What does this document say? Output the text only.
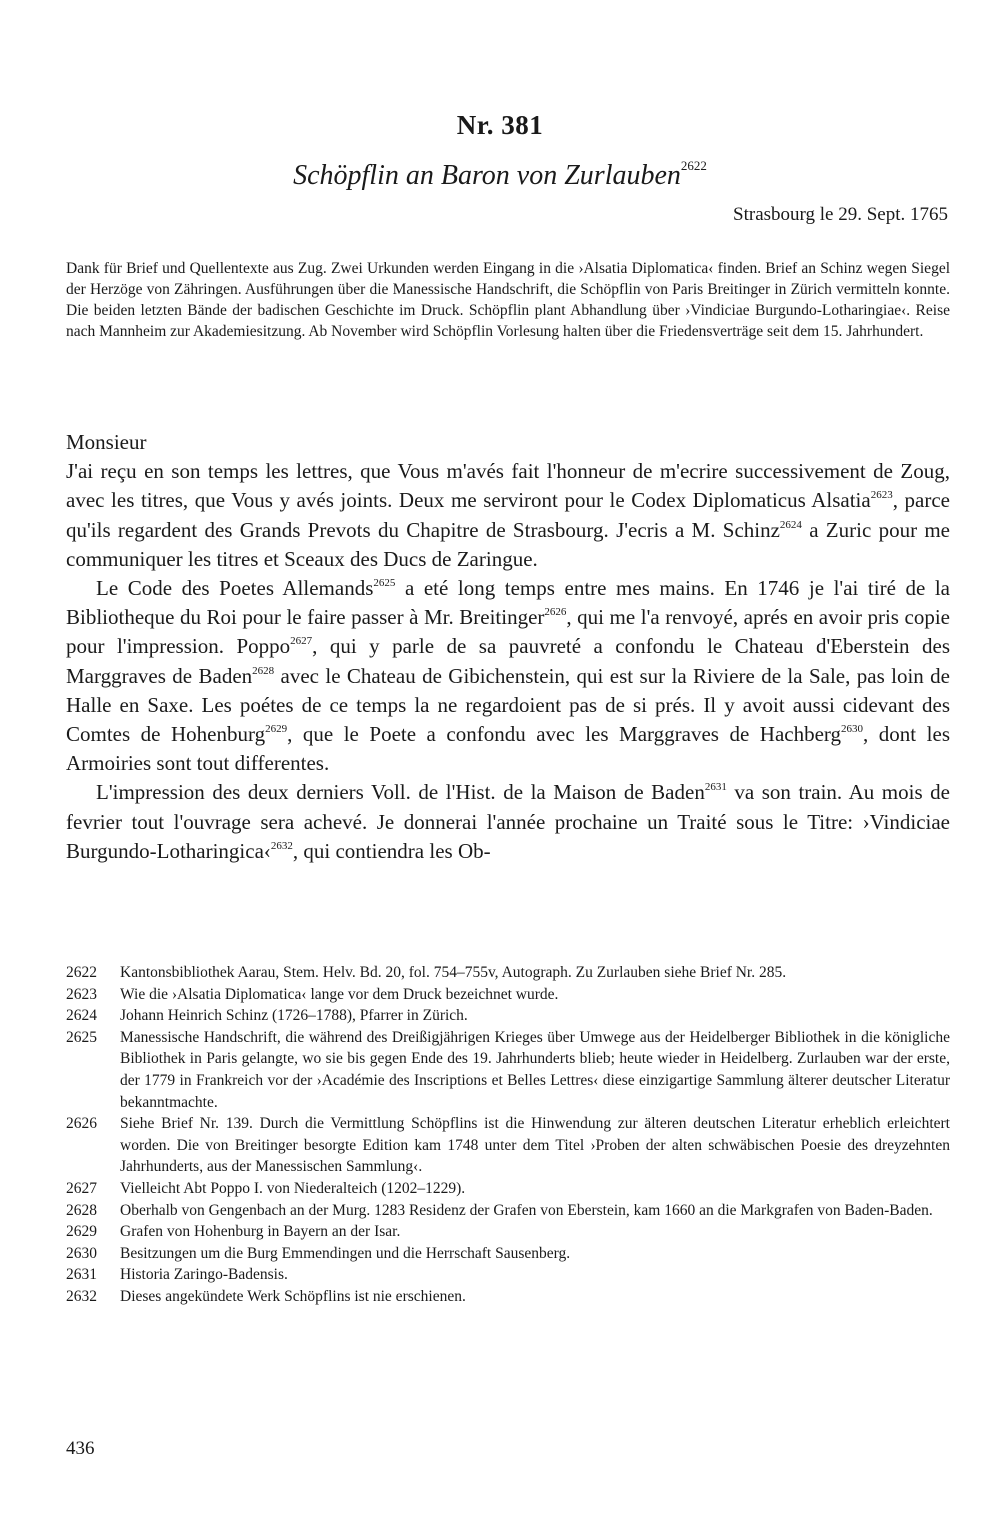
Nr. 381
Schöpflin an Baron von Zurlauben$^{2622}$
Strasbourg le 29. Sept. 1765
Dank für Brief und Quellentexte aus Zug. Zwei Urkunden werden Eingang in die ›Alsatia Diplomatica‹ finden. Brief an Schinz wegen Siegel der Herzöge von Zähringen. Ausführungen über die Manessische Handschrift, die Schöpflin von Paris Breitinger in Zürich vermitteln konnte. Die beiden letzten Bände der badischen Geschichte im Druck. Schöpflin plant Abhandlung über ›Vindiciae Burgundo-Lotharingiae‹. Reise nach Mannheim zur Akademiesitzung. Ab November wird Schöpflin Vorlesung halten über die Friedensverträge seit dem 15. Jahrhundert.

Monsieur

J'ai reçu en son temps les lettres, que Vous m'avés fait l'honneur de m'ecrire successivement de Zoug, avec les titres, que Vous y avés joints. Deux me serviront pour le Codex Diplomaticus Alsatia$^{2623}$, parce qu'ils regardent des Grands Prevots du Chapitre de Strasbourg. J'ecris a M. Schinz$^{2624}$ a Zuric pour me communiquer les titres et Sceaux des Ducs de Zaringue.

Le Code des Poetes Allemands$^{2625}$ a eté long temps entre mes mains. En 1746 je l'ai tiré de la Bibliotheque du Roi pour le faire passer à Mr. Breitinger$^{2626}$, qui me l'a renvoyé, aprés en avoir pris copie pour l'impression. Poppo$^{2627}$, qui y parle de sa pauvreté a confondu le Chateau d'Eberstein des Marggraves de Baden$^{2628}$ avec le Chateau de Gibichenstein, qui est sur la Riviere de la Sale, pas loin de Halle en Saxe. Les poétes de ce temps la ne regardoient pas de si prés. Il y avoit aussi cidevant des Comtes de Hohenburg$^{2629}$, que le Poete a confondu avec les Marggraves de Hachberg$^{2630}$, dont les Armoiries sont tout differentes.

L'impression des deux derniers Voll. de l'Hist. de la Maison de Baden$^{2631}$ va son train. Au mois de fevrier tout l'ouvrage sera achevé. Je donnerai l'année prochaine un Traité sous le Titre: ›Vindiciae Burgundo-Lotharingica‹$^{2632}$, qui contiendra les Ob-

2622	Kantonsbibliothek Aarau, Stem. Helv. Bd. 20, fol. 754–755v, Autograph. Zu Zurlauben siehe Brief Nr. 285.
2623	Wie die ›Alsatia Diplomatica‹ lange vor dem Druck bezeichnet wurde.
2624	Johann Heinrich Schinz (1726–1788), Pfarrer in Zürich.
2625	Manessische Handschrift, die während des Dreißigjährigen Krieges über Umwege aus der Heidelberger Bibliothek in die königliche Bibliothek in Paris gelangte, wo sie bis gegen Ende des 19. Jahrhunderts blieb; heute wieder in Heidelberg. Zurlauben war der erste, der 1779 in Frankreich vor der ›Académie des Inscriptions et Belles Lettres‹ diese einzigartige Sammlung älterer deutscher Literatur bekanntmachte.
2626	Siehe Brief Nr. 139. Durch die Vermittlung Schöpflins ist die Hinwendung zur älteren deutschen Literatur erheblich erleichtert worden. Die von Breitinger besorgte Edition kam 1748 unter dem Titel ›Proben der alten schwäbischen Poesie des dreyzehnten Jahrhunderts, aus der Manessischen Sammlung‹.
2627	Vielleicht Abt Poppo I. von Niederalteich (1202–1229).
2628	Oberhalb von Gengenbach an der Murg. 1283 Residenz der Grafen von Eberstein, kam 1660 an die Markgrafen von Baden-Baden.
2629	Grafen von Hohenburg in Bayern an der Isar.
2630	Besitzungen um die Burg Emmendingen und die Herrschaft Sausenberg.
2631	Historia Zaringo-Badensis.
2632	Dieses angekündete Werk Schöpflins ist nie erschienen.
436
